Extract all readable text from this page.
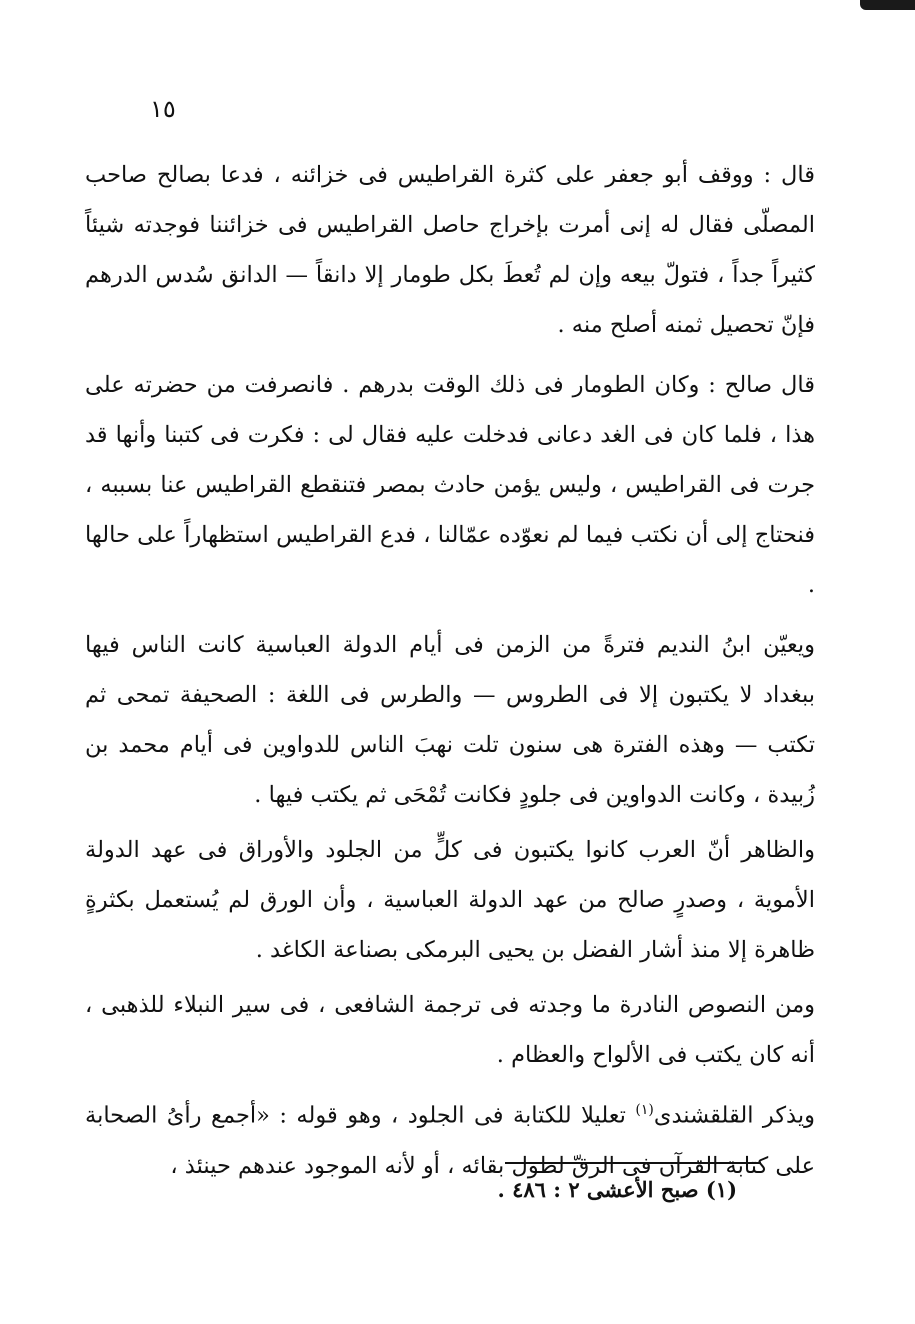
١٥

قال : ووقف أبو جعفر على كثرة القراطيس فى خزائنه ، فدعا بصالح صاحب المصلّى فقال له إنى أمرت بإخراج حاصل القراطيس فى خزائننا فوجدته شيئاً كثيراً جداً ، فتولّ بيعه وإن لم تُعطَ بكل طومار إلا دانقاً — الدانق سُدس الدرهم فإنّ تحصيل ثمنه أصلح منه .

قال صالح : وكان الطومار فى ذلك الوقت بدرهم . فانصرفت من حضرته على هذا ، فلما كان فى الغد دعانى فدخلت عليه فقال لى : فكرت فى كتبنا وأنها قد جرت فى القراطيس ، وليس يؤمن حادث بمصر فتنقطع القراطيس عنا بسببه ، فنحتاج إلى أن نكتب فيما لم نعوّده عمّالنا ، فدع القراطيس استظهاراً على حالها .

ويعيّن ابنُ النديم فترةً من الزمن فى أيام الدولة العباسية كانت الناس فيها ببغداد لا يكتبون إلا فى الطروس — والطرس فى اللغة : الصحيفة تمحى ثم تكتب — وهذه الفترة هى سنون تلت نهبَ الناس للدواوين فى أيام محمد بن زُبيدة ، وكانت الدواوين فى جلودٍ فكانت تُمْحَى ثم يكتب فيها .

والظاهر أنّ العرب كانوا يكتبون فى كلٍّ من الجلود والأوراق فى عهد الدولة الأموية ، وصدرٍ صالح من عهد الدولة العباسية ، وأن الورق لم يُستعمل بكثرةٍ ظاهرة إلا منذ أشار الفضل بن يحيى البرمكى بصناعة الكاغد .

ومن النصوص النادرة ما وجدته فى ترجمة الشافعى ، فى سير النبلاء للذهبى ، أنه كان يكتب فى الألواح والعظام .

ويذكر القلقشندى$^{(١)}$ تعليلا للكتابة فى الجلود ، وهو قوله : «أجمع رأىُ الصحابة على كتابة القرآن فى الرقّ لطول بقائه ، أو لأنه الموجود عندهم حينئذ ،

(١) صبح الأعشى ٢ : ٤٨٦ .
